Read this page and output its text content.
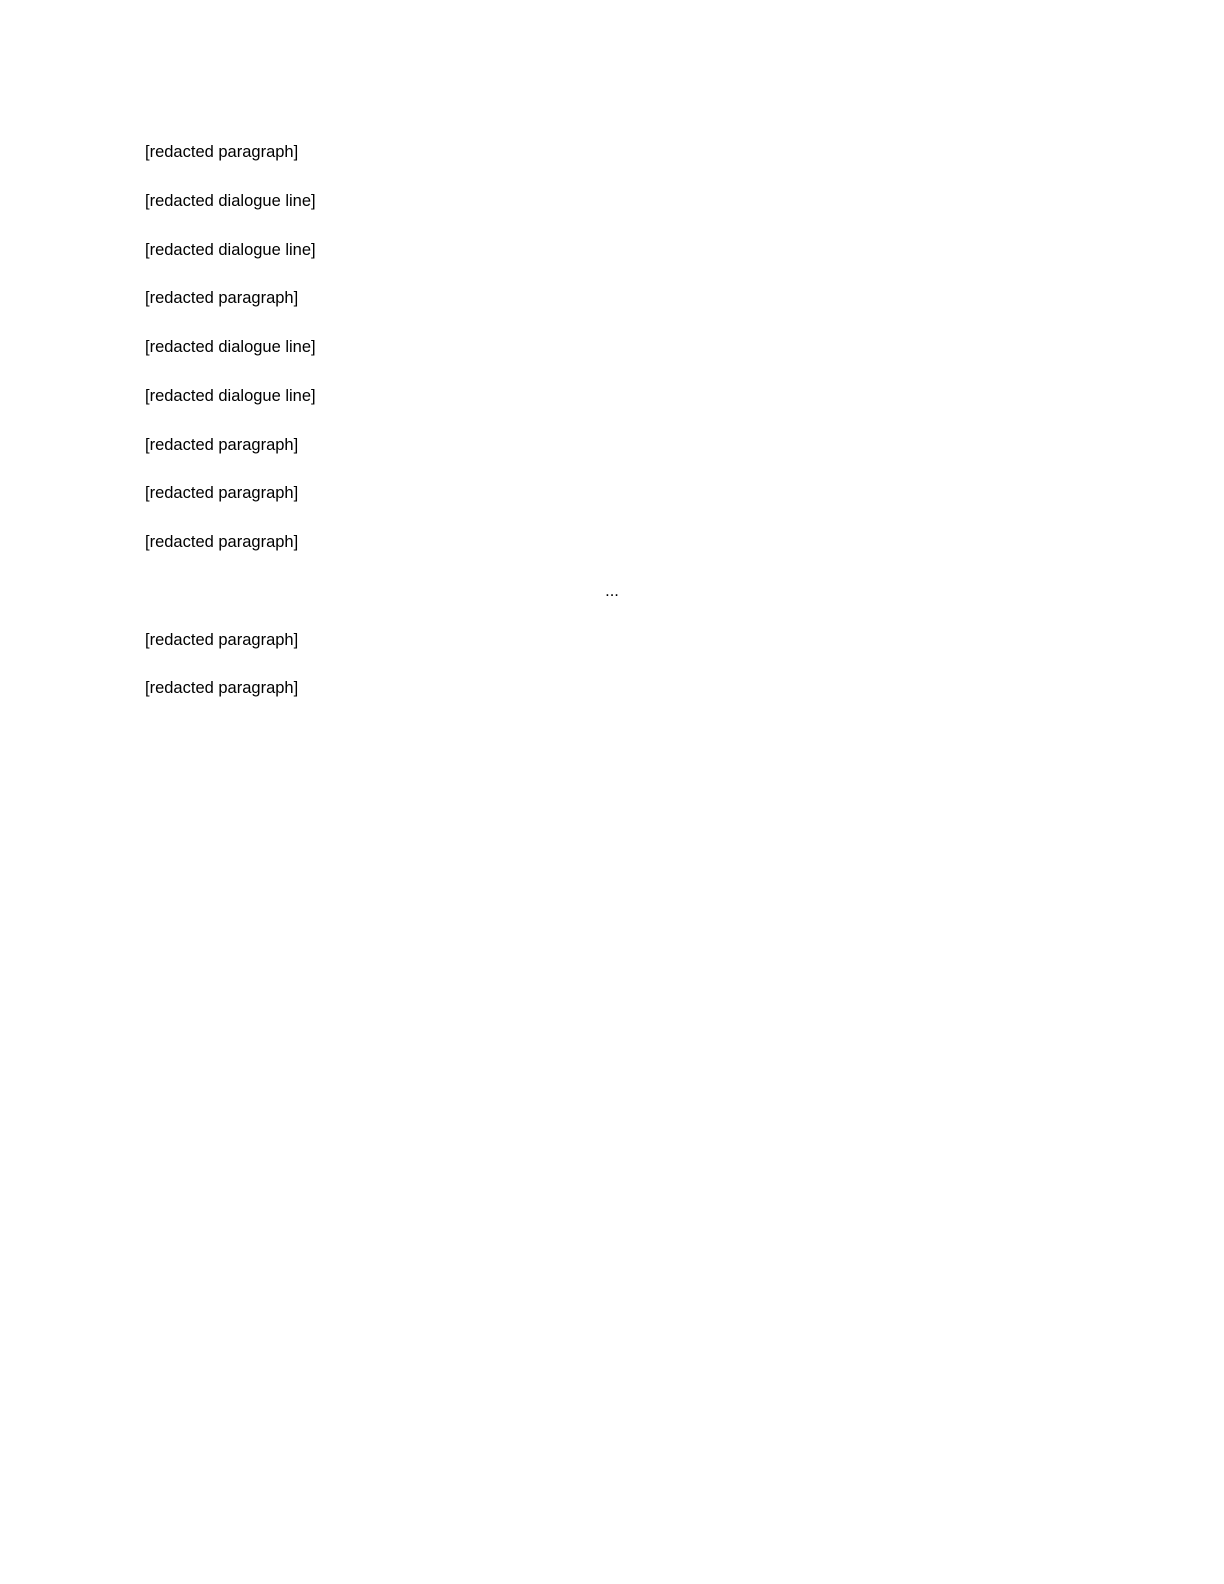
[redacted paragraph]

[redacted dialogue line]

[redacted dialogue line]

[redacted paragraph]

[redacted dialogue line]

[redacted dialogue line]

[redacted paragraph]

[redacted paragraph]

[redacted paragraph]

...

[redacted paragraph]

[redacted paragraph]
